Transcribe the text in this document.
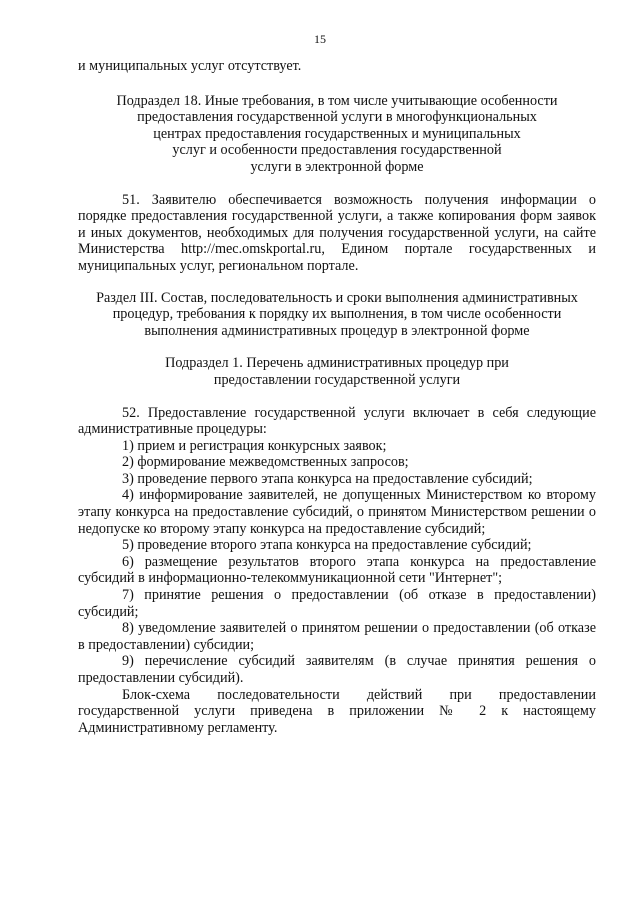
15

и муниципальных услуг отсутствует.

Подраздел 18. Иные требования, в том числе учитывающие особенности
предоставления государственной услуги в многофункциональных
центрах предоставления государственных и муниципальных
услуг и особенности предоставления государственной
услуги в электронной форме

51. Заявителю обеспечивается возможность получения информации о порядке предоставления государственной услуги, а также копирования форм заявок и иных документов, необходимых для получения государственной услуги, на сайте Министерства http://mec.omskportal.ru, Едином портале государственных и муниципальных услуг, региональном портале.

Раздел III. Состав, последовательность и сроки выполнения административных
процедур, требования к порядку их выполнения, в том числе особенности
выполнения административных процедур в электронной форме
Подраздел 1. Перечень административных процедур при
предоставлении государственной услуги

52. Предоставление государственной услуги включает в себя следующие административные процедуры:

1) прием и регистрация конкурсных заявок;

2) формирование межведомственных запросов;

3) проведение первого этапа конкурса на предоставление субсидий;

4) информирование заявителей, не допущенных Министерством ко второму этапу конкурса на предоставление субсидий, о принятом Министерством решении о недопуске ко второму этапу конкурса на предоставление субсидий;

5) проведение второго этапа конкурса на предоставление субсидий;

6) размещение результатов второго этапа конкурса на предоставление субсидий в информационно-телекоммуникационной сети "Интернет";

7) принятие решения о предоставлении (об отказе в предоставлении) субсидий;

8) уведомление заявителей о принятом решении о предоставлении (об отказе в предоставлении) субсидии;

9) перечисление субсидий заявителям (в случае принятия решения о предоставлении субсидий).

Блок-схема последовательности действий при предоставлении государственной услуги приведена в приложении № 2 к настоящему Административному регламенту.
